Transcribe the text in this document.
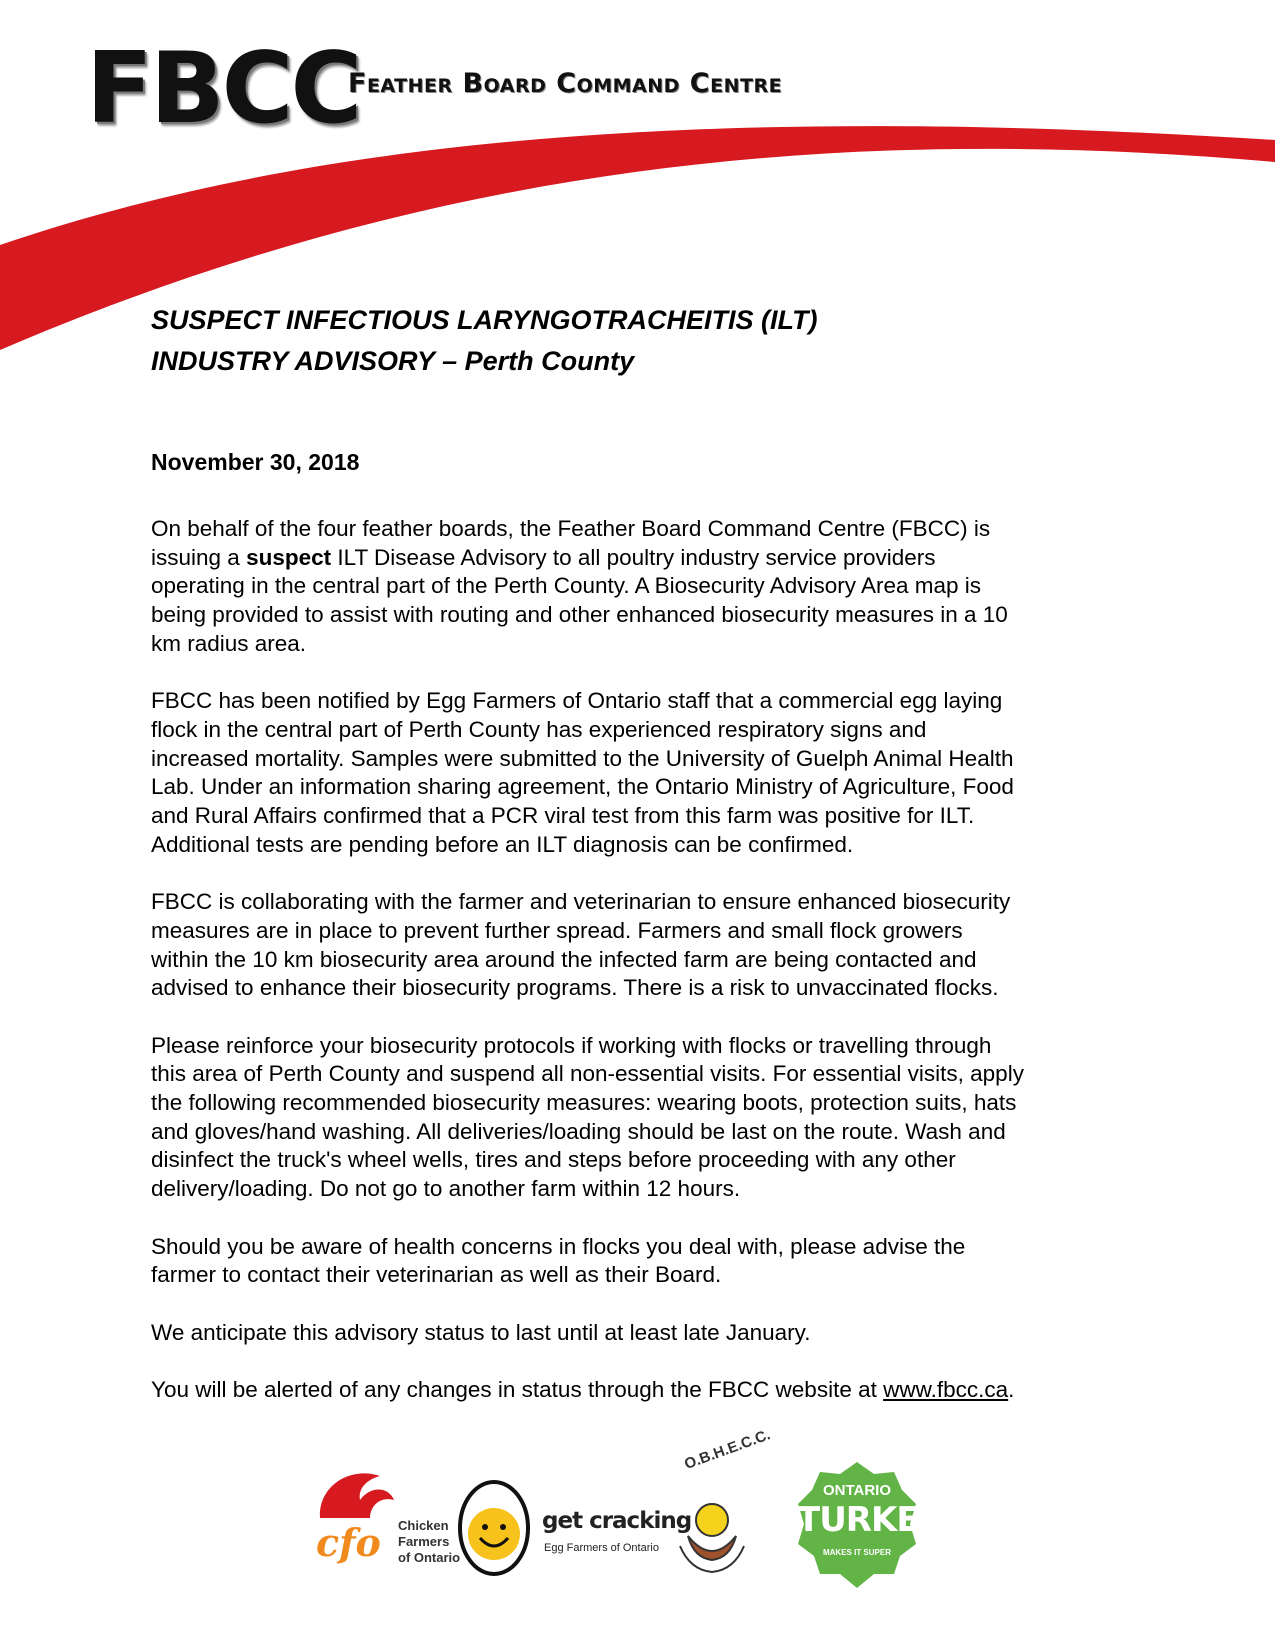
FBCC
Feather Board Command Centre
SUSPECT INFECTIOUS LARYNGOTRACHEITIS (ILT)
INDUSTRY ADVISORY – Perth County
November 30, 2018

On behalf of the four feather boards, the Feather Board Command Centre (FBCC) is
issuing a suspect ILT Disease Advisory to all poultry industry service providers
operating in the central part of the Perth County. A Biosecurity Advisory Area map is
being provided to assist with routing and other enhanced biosecurity measures in a 10
km radius area.

FBCC has been notified by Egg Farmers of Ontario staff that a commercial egg laying
flock in the central part of Perth County has experienced respiratory signs and
increased mortality. Samples were submitted to the University of Guelph Animal Health
Lab. Under an information sharing agreement, the Ontario Ministry of Agriculture, Food
and Rural Affairs confirmed that a PCR viral test from this farm was positive for ILT.
Additional tests are pending before an ILT diagnosis can be confirmed.

FBCC is collaborating with the farmer and veterinarian to ensure enhanced biosecurity
measures are in place to prevent further spread. Farmers and small flock growers
within the 10 km biosecurity area around the infected farm are being contacted and
advised to enhance their biosecurity programs. There is a risk to unvaccinated flocks.

Please reinforce your biosecurity protocols if working with flocks or travelling through
this area of Perth County and suspend all non-essential visits. For essential visits, apply
the following recommended biosecurity measures: wearing boots, protection suits, hats
and gloves/hand washing. All deliveries/loading should be last on the route. Wash and
disinfect the truck's wheel wells, tires and steps before proceeding with any other
delivery/loading. Do not go to another farm within 12 hours.

Should you be aware of health concerns in flocks you deal with, please advise the
farmer to contact their veterinarian as well as their Board.

We anticipate this advisory status to last until at least late January.

You will be alerted of any changes in status through the FBCC website at www.fbcc.ca.

cfo Chicken
Farmers
of Ontario
get cracking
Egg Farmers of Ontario
O.B.H.E.C.C.
ONTARIO
TURKEY
MAKES IT SUPER
